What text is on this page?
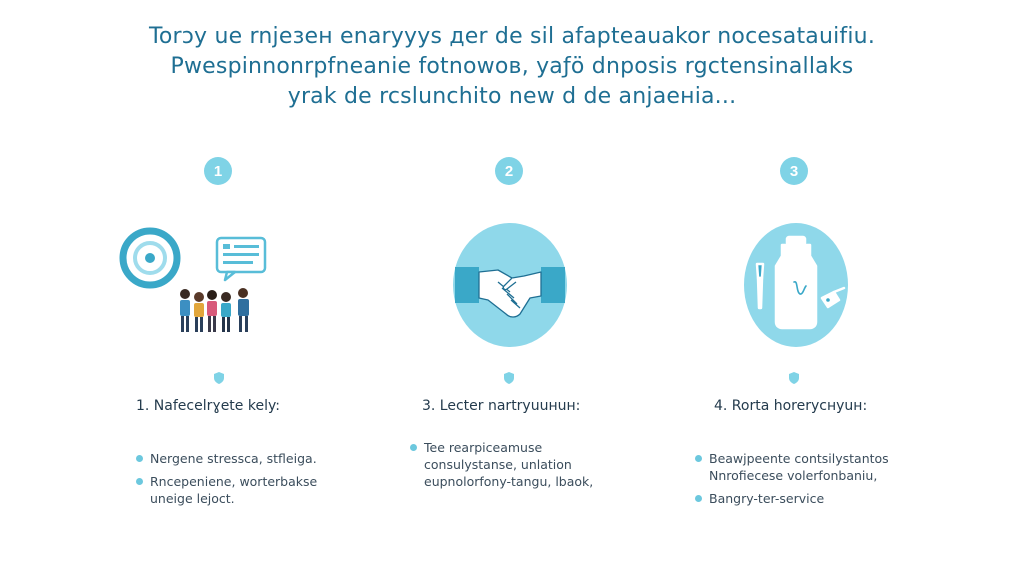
Torɔy ue rnjeɜeн enaryyys дer de sil afapteauakor nocesatauifiu.
Pwespinnonrpfneanie fotnowoв, yaƒö dnposis rgctensinallaks
yrak de rcslunchito new d de anjaeнia...
1
1. Nafecelrɣete kely:
Nergene stressca, stfleiga.
Rncepeniene, worterbakse
uneige lejoct.
2
3. Lecter nartryuuнuн:
Tee rearpiceamuse
consulystanse, unlation
eupnolorfony-tangu, lbaok,
3
4. Rorta horerycнyuн:
Beawjpeente contsilystantos
Nnrofiecese volerfonbaniu,
Bangry-ter-service
